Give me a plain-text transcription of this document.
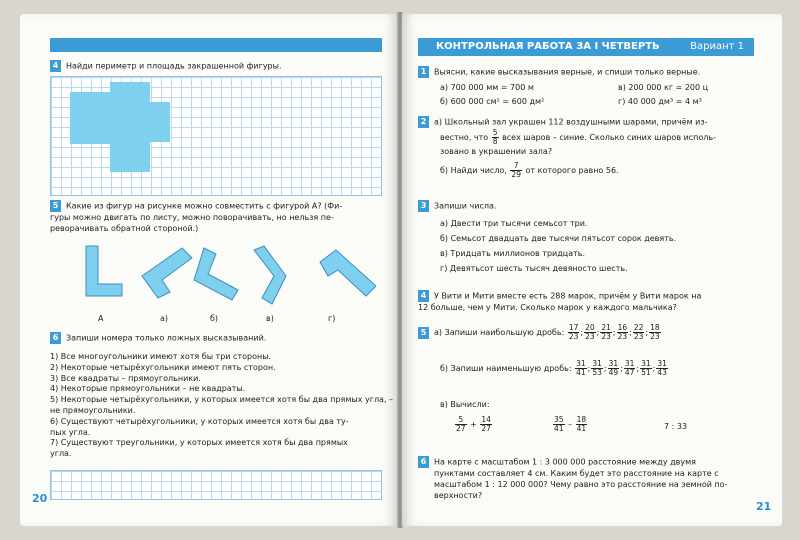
4 Найди периметр и площадь закрашенной фигуры.
5 Какие из фигур на рисунке можно совместить с фигурой А? (Фи-
гуры можно двигать по листу, можно поворачивать, но нельзя пе-
реворачивать обратной стороной.)
А	а)	б)	в)	г)
6 Запиши номера только ложных высказываний.
1) Все многоугольники имеют хотя бы три стороны.
2) Некоторые четырёхугольники имеют пять сторон.
3) Все квадраты – прямоугольники.
4) Некоторые прямоугольники – не квадраты.
5) Некоторые четырёхугольники, у которых имеется хотя бы два прямых угла, –
не прямоугольники.
6) Существуют четырёхугольники, у которых имеется хотя бы два ту-
пых угла.
7) Существуют треугольники, у которых имеется хотя бы два прямых
угла.
20
КОНТРОЛЬНАЯ РАБОТА ЗА I ЧЕТВЕРТЬ	Вариант 1
1 Выясни, какие высказывания верные, и спиши только верные.
а) 700 000 мм = 700 м
б) 600 000 см² = 600 дм²
в) 200 000 кг = 200 ц
г) 40 000 дм³ = 4 м³
2 а) Школьный зал украшен 112 воздушными шарами, причём из-
вестно, что $\frac{5}{8}$ всех шаров – синие. Сколько синих шаров исполь-
зовано в украшении зала?
б) Найди число, $\frac{7}{29}$ от которого равно 56.
3 Запиши числа.
а) Двести три тысячи семьсот три.
б) Семьсот двадцать две тысячи пятьсот сорок девять.
в) Тридцать миллионов тридцать.
г) Девятьсот шесть тысяч девяносто шесть.
4 У Вити и Мити вместе есть 288 марок, причём у Вити марок на
12 больше, чем у Мити. Сколько марок у каждого мальчика?
5 а) Запиши наибольшую дробь: $\frac{17}{23}$ ; $\frac{20}{23}$ ; $\frac{21}{23}$ ; $\frac{16}{23}$ ; $\frac{22}{23}$ ; $\frac{18}{23}$
б) Запиши наименьшую дробь: $\frac{31}{41}$ ; $\frac{31}{53}$ ; $\frac{31}{49}$ ; $\frac{31}{47}$ ; $\frac{31}{51}$ ; $\frac{31}{43}$
в) Вычисли:
$\frac{5}{27} + \frac{14}{27}$	$\frac{35}{41} - \frac{18}{41}$	7 : 33
6 На карте с масштабом 1 : 3 000 000 расстояние между двумя
пунктами составляет 4 см. Каким будет это расстояние на карте с
масштабом 1 : 12 000 000? Чему равно это расстояние на земной по-
верхности?
21
